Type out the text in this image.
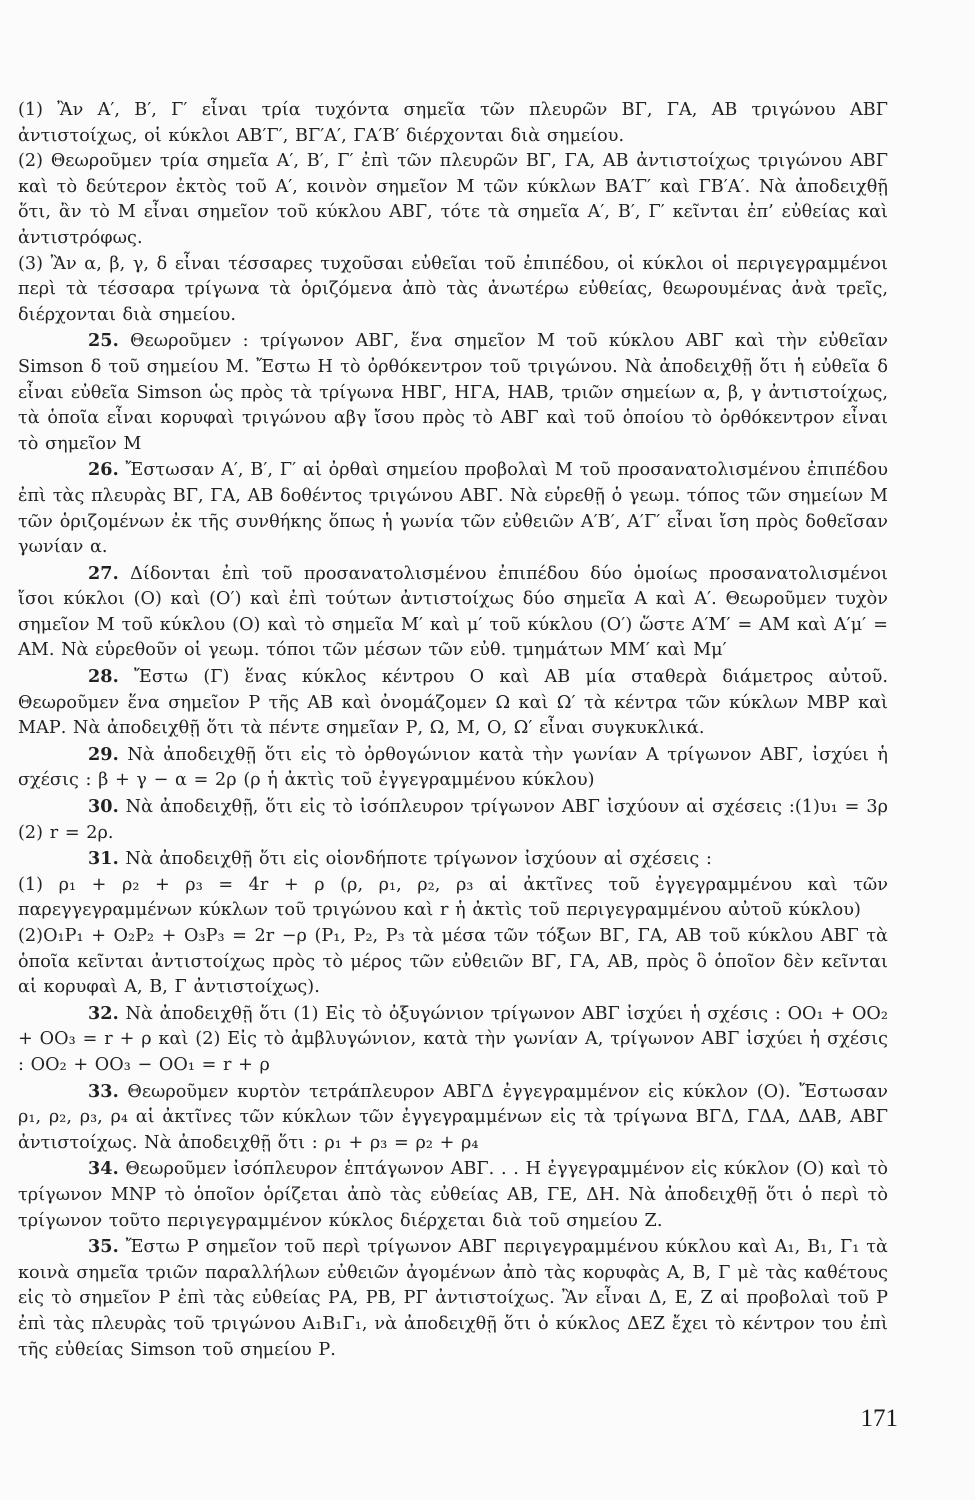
(1) Ἂν Α′, Β′, Γ′ εἶναι τρία τυχόντα σημεῖα τῶν πλευρῶν ΒΓ, ΓΑ, ΑΒ τριγώνου ΑΒΓ ἀντιστοίχως, οἱ κύκλοι ΑΒ′Γ′, ΒΓ′Α′, ΓΑ′Β′ διέρχονται διὰ σημείου.

(2) Θεωροῦμεν τρία σημεῖα Α′, Β′, Γ′ ἐπὶ τῶν πλευρῶν ΒΓ, ΓΑ, ΑΒ ἀντιστοίχως τριγώνου ΑΒΓ καὶ τὸ δεύτερον ἐκτὸς τοῦ Α′, κοινὸν σημεῖον Μ τῶν κύκλων ΒΑ′Γ′ καὶ ΓΒ′Α′. Νὰ ἀποδειχθῇ ὅτι, ἂν τὸ Μ εἶναι σημεῖον τοῦ κύκλου ΑΒΓ, τότε τὰ σημεῖα Α′, Β′, Γ′ κεῖνται ἐπ’ εὐθείας καὶ ἀντιστρόφως.

(3) Ἂν α, β, γ, δ εἶναι τέσσαρες τυχοῦσαι εὐθεῖαι τοῦ ἐπιπέδου, οἱ κύκλοι οἱ περιγεγραμμένοι περὶ τὰ τέσσαρα τρίγωνα τὰ ὁριζόμενα ἀπὸ τὰς ἀνωτέρω εὐθείας, θεωρουμένας ἀνὰ τρεῖς, διέρχονται διὰ σημείου.

25. Θεωροῦμεν : τρίγωνον ΑΒΓ, ἕνα σημεῖον Μ τοῦ κύκλου ΑΒΓ καὶ τὴν εὐθεῖαν Simson δ τοῦ σημείου Μ. Ἔστω Η τὸ ὀρθόκεντρον τοῦ τριγώνου. Νὰ ἀποδειχθῇ ὅτι ἡ εὐθεῖα δ εἶναι εὐθεῖα Simson ὡς πρὸς τὰ τρίγωνα ΗΒΓ, ΗΓΑ, ΗΑΒ, τριῶν σημείων α, β, γ ἀντιστοίχως, τὰ ὁποῖα εἶναι κορυφαὶ τριγώνου αβγ ἴσου πρὸς τὸ ΑΒΓ καὶ τοῦ ὁποίου τὸ ὀρθόκεντρον εἶναι τὸ σημεῖον Μ

26. Ἔστωσαν Α′, Β′, Γ′ αἱ ὀρθαὶ σημείου προβολαὶ Μ τοῦ προσανατολισμένου ἐπιπέδου ἐπὶ τὰς πλευρὰς ΒΓ, ΓΑ, ΑΒ δοθέντος τριγώνου ΑΒΓ. Νὰ εὑρεθῇ ὁ γεωμ. τόπος τῶν σημείων Μ τῶν ὁριζομένων ἐκ τῆς συνθήκης ὅπως ἡ γωνία τῶν εὐθειῶν Α′Β′, Α′Γ′ εἶναι ἴση πρὸς δοθεῖσαν γωνίαν α.

27. Δίδονται ἐπὶ τοῦ προσανατολισμένου ἐπιπέδου δύο ὁμοίως προσανατολισμένοι ἴσοι κύκλοι (Ο) καὶ (Ο′) καὶ ἐπὶ τούτων ἀντιστοίχως δύο σημεῖα Α καὶ Α′. Θεωροῦμεν τυχὸν σημεῖον Μ τοῦ κύκλου (Ο) καὶ τὸ σημεῖα Μ′ καὶ μ′ τοῦ κύκλου (Ο′) ὥστε Α′Μ′ = ΑΜ καὶ Α′μ′ = ΑΜ. Νὰ εὑρεθοῦν οἱ γεωμ. τόποι τῶν μέσων τῶν εὐθ. τμημάτων ΜΜ′ καὶ Μμ′

28. Ἔστω (Γ) ἕνας κύκλος κέντρου Ο καὶ ΑΒ μία σταθερὰ διάμετρος αὐτοῦ. Θεωροῦμεν ἕνα σημεῖον Ρ τῆς ΑΒ καὶ ὀνομάζομεν Ω καὶ Ω′ τὰ κέντρα τῶν κύκλων ΜΒΡ καὶ ΜΑΡ. Νὰ ἀποδειχθῇ ὅτι τὰ πέντε σημεῖαν Ρ, Ω, Μ, Ο, Ω′ εἶναι συγκυκλικά.

29. Νὰ ἀποδειχθῇ ὅτι εἰς τὸ ὀρθογώνιον κατὰ τὴν γωνίαν Α τρίγωνον ΑΒΓ, ἰσχύει ἡ σχέσις : β + γ − α = 2ρ (ρ ἡ ἀκτὶς τοῦ ἐγγεγραμμένου κύκλου)

30. Νὰ ἀποδειχθῇ, ὅτι εἰς τὸ ἰσόπλευρον τρίγωνον ΑΒΓ ἰσχύουν αἱ σχέσεις :(1)υ₁ = 3ρ (2) r = 2ρ.

31. Νὰ ἀποδειχθῇ ὅτι εἰς οἱονδήποτε τρίγωνον ἰσχύουν αἱ σχέσεις :

(1) ρ₁ + ρ₂ + ρ₃ = 4r + ρ (ρ, ρ₁, ρ₂, ρ₃ αἱ ἀκτῖνες τοῦ ἐγγεγραμμένου καὶ τῶν παρεγγεγραμμένων κύκλων τοῦ τριγώνου καὶ r ἡ ἀκτὶς τοῦ περιγεγραμμένου αὐτοῦ κύκλου)

(2)Ο₁Ρ₁ + Ο₂Ρ₂ + Ο₃Ρ₃ = 2r −ρ (Ρ₁, Ρ₂, Ρ₃ τὰ μέσα τῶν τόξων ΒΓ, ΓΑ, ΑΒ τοῦ κύκλου ΑΒΓ τὰ ὁποῖα κεῖνται ἀντιστοίχως πρὸς τὸ μέρος τῶν εὐθειῶν ΒΓ, ΓΑ, ΑΒ, πρὸς ὃ ὁποῖον δὲν κεῖνται αἱ κορυφαὶ Α, Β, Γ ἀντιστοίχως).

32. Νὰ ἀποδειχθῇ ὅτι (1) Εἰς τὸ ὀξυγώνιον τρίγωνον ΑΒΓ ἰσχύει ἡ σχέσις : ΟΟ₁ + ΟΟ₂ + ΟΟ₃ = r + ρ καὶ (2) Εἰς τὸ ἀμβλυγώνιον, κατὰ τὴν γωνίαν Α, τρίγωνον ΑΒΓ ἰσχύει ἡ σχέσις : ΟΟ₂ + ΟΟ₃ − ΟΟ₁ = r + ρ

33. Θεωροῦμεν κυρτὸν τετράπλευρον ΑΒΓΔ ἐγγεγραμμένον εἰς κύκλον (Ο). Ἔστωσαν ρ₁, ρ₂, ρ₃, ρ₄ αἱ ἀκτῖνες τῶν κύκλων τῶν ἐγγεγραμμένων εἰς τὰ τρίγωνα ΒΓΔ, ΓΔΑ, ΔΑΒ, ΑΒΓ ἀντιστοίχως. Νὰ ἀποδειχθῇ ὅτι : ρ₁ + ρ₃ = ρ₂ + ρ₄

34. Θεωροῦμεν ἰσόπλευρον ἑπτάγωνον ΑΒΓ. . . Η ἐγγεγραμμένον εἰς κύκλον (Ο) καὶ τὸ τρίγωνον ΜΝΡ τὸ ὁποῖον ὁρίζεται ἀπὸ τὰς εὐθείας ΑΒ, ΓΕ, ΔΗ. Νὰ ἀποδειχθῇ ὅτι ὁ περὶ τὸ τρίγωνον τοῦτο περιγεγραμμένον κύκλος διέρχεται διὰ τοῦ σημείου Ζ.

35. Ἔστω Ρ σημεῖον τοῦ περὶ τρίγωνον ΑΒΓ περιγεγραμμένου κύκλου καὶ Α₁, Β₁, Γ₁ τὰ κοινὰ σημεῖα τριῶν παραλλήλων εὐθειῶν ἀγομένων ἀπὸ τὰς κορυφὰς Α, Β, Γ μὲ τὰς καθέτους εἰς τὸ σημεῖον Ρ ἐπὶ τὰς εὐθείας ΡΑ, ΡΒ, ΡΓ ἀντιστοίχως. Ἂν εἶναι Δ, Ε, Ζ αἱ προβολαὶ τοῦ Ρ ἐπὶ τὰς πλευρὰς τοῦ τριγώνου Α₁Β₁Γ₁, νὰ ἀποδειχθῇ ὅτι ὁ κύκλος ΔΕΖ ἔχει τὸ κέντρον του ἐπὶ τῆς εὐθείας Simson τοῦ σημείου Ρ.

171
